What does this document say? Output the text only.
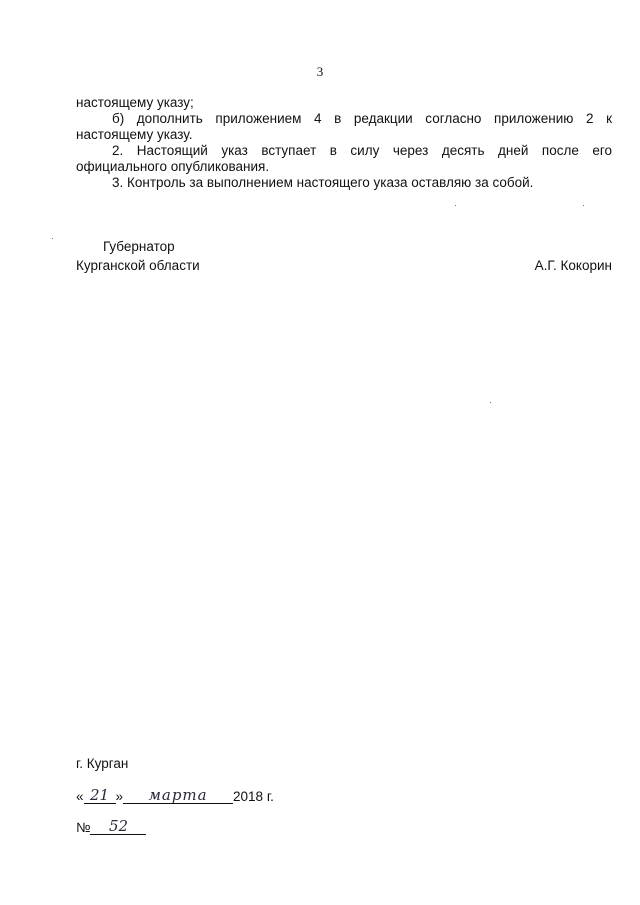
3
настоящему указу;
б) дополнить приложением 4 в редакции согласно приложению 2 к
настоящему указу.
2. Настоящий указ вступает в силу через десять дней после его
официального опубликования.
3. Контроль за выполнением настоящего указа оставляю за собой.
Губернатор
Курганской области	А.Г. Кокорин
г. Курган
« 21 »	марта	2018 г.
№	52
